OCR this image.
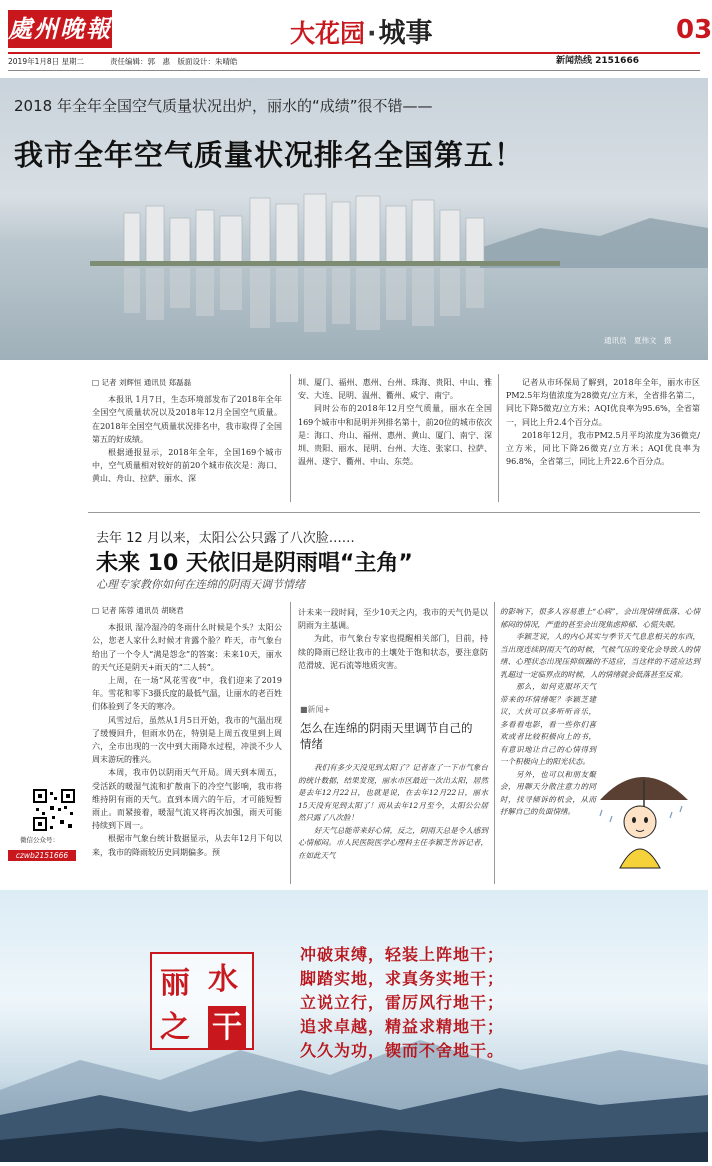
處州晚報	大花园·城事	03
2019年1月8日 星期二	责任编辑：郭　惠　版面设计：朱晴皓	新闻热线 2151666
2018 年全年全国空气质量状况出炉，丽水的“成绩”很不错——
我市全年空气质量状况排名全国第五！
通讯员　夏伟文　摄

□ 记者 刘辉恒 通讯员 郑磊磊

本报讯 1月7日，生态环境部发布了2018年全年全国空气质量状况以及2018年12月全国空气质量。在2018年全国空气质量状况排名中，我市取得了全国第五的好成绩。

根据通报显示，2018年全年，全国169个城市中，空气质量相对较好的前20个城市依次是：海口、黄山、舟山、拉萨、丽水、深

圳、厦门、福州、惠州、台州、珠海、贵阳、中山、雅安、大连、昆明、温州、衢州、咸宁、南宁。

同时公布的2018年12月空气质量，丽水在全国169个城市中和昆明并列排名第十，前20位的城市依次是：海口、舟山、福州、惠州、黄山、厦门、南宁、深圳、贵阳、丽水、昆明、台州、大连、张家口、拉萨、温州、遂宁、衢州、中山、东莞。

记者从市环保局了解到，2018年全年，丽水市区PM2.5年均值浓度为28微克/立方米，全省排名第二，同比下降5微克/立方米；AQI优良率为95.6%，全省第一，同比上升2.4个百分点。

2018年12月，我市PM2.5月平均浓度为36微克/立方米，同比下降26微克/立方米；AQI优良率为96.8%，全省第三，同比上升22.6个百分点。

去年 12 月以来，太阳公公只露了八次脸……
未来 10 天依旧是阴雨唱“主角”
心理专家教你如何在连绵的阴雨天调节情绪

□ 记者 陈蓉 通讯员 胡晓君

本报讯 湿冷湿冷的冬雨什么时候是个头？太阳公公，您老人家什么时候才肯露个脸？昨天，市气象台给出了一个令人“满是怨念”的答案：未来10天，丽水的天气还是阴天+雨天的“二人转”。

上周，在一场“风花雪夜”中，我们迎来了2019年。雪花和零下3摄氏度的最低气温，让丽水的老百姓们体验到了冬天的寒冷。

风雪过后，虽然从1月5日开始，我市的气温出现了缓慢回升，但雨水仍在，特别是上周五夜里到上周六，全市出现的一次中到大雨降水过程，冲淡不少人周末游玩的雅兴。

本周，我市仍以阴雨天气开局。周天到本周五，受活跃的暖湿气流和扩散南下的冷空气影响，我市将维持阴有雨的天气。直到本周六的午后，才可能短暂雨止。而紧接着，暖湿气流又将再次加强，雨天可能持续到下周一。

根据市气象台统计数据显示，从去年12月下旬以来，我市的降雨较历史同期偏多。预

计未来一段时间，至少10天之内，我市的天气仍是以阴雨为主基调。

为此，市气象台专家也提醒相关部门，目前，持续的降雨已经让我市的土壤处于饱和状态，要注意防范滑坡、泥石流等地质灾害。

■新闻+
怎么在连绵的阴雨天里调节自己的情绪

我们有多少天没见到太阳了？记者查了一下市气象台的统计数据，结果发现，丽水市区最近一次出太阳，居然是去年12月22日，也就是说，在去年12月22日，丽水15天没有见到太阳了！而从去年12月至今，太阳公公居然只露了八次脸！

好天气总能带来好心情，反之，阴雨天总是令人感到心情郁闷。市人民医院医学心理科主任李颖芝告诉记者，在如此天气

的影响下，很多人容易患上“心病”，会出现情绪低落、心情郁闷的情况，严重的甚至会出现焦虑抑郁、心慌失眠。

李颖芝说，人的内心其实与季节天气息息相关的东西，当出现连续阴雨天气的时候，气候气压的变化会导致人的情绪、心理状态出现压抑烦躁的不适应，当这样的不适应达到乳超过一定临界点的时候，人的情绪就会低落甚至反常。

那么，如何克服坏天气带来的坏情绪呢？李颖芝建议，大伙可以多听听音乐，多看看电影，看一些你们喜欢或者比较积极向上的书，有意识地让自己的心情得到一个积极向上的阳光状态。

另外，也可以和朋友聚会，用聊天分散注意力的同时，找寻倾诉的机会，从而抒解自己的负面情绪。

微信公众号：
czwb2151666
丽 水
之 干
冲破束缚，轻装上阵地干；
脚踏实地，求真务实地干；
立说立行，雷厉风行地干；
追求卓越，精益求精地干；
久久为功，锲而不舍地干。
